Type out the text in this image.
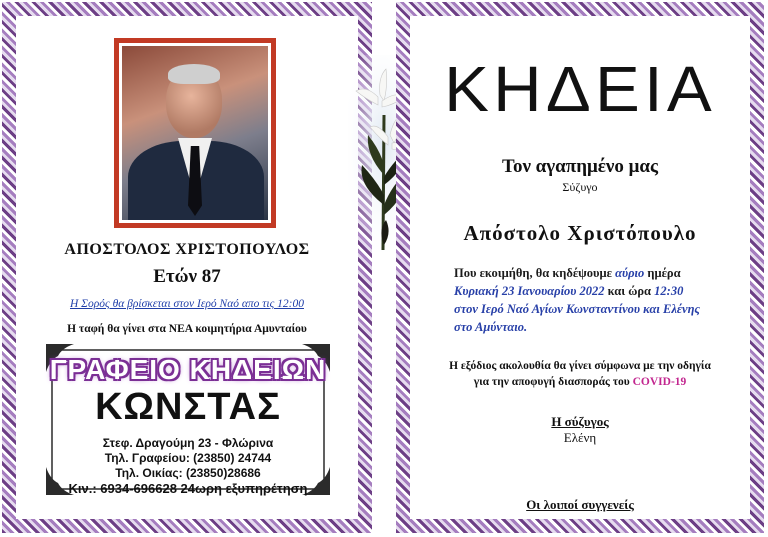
ΑΠΟΣΤΟΛΟΣ ΧΡΙΣΤΟΠΟΥΛΟΣ
Ετών 87
Η Σορός θα βρίσκεται στον Ιερό Ναό απο τις 12:00
Η ταφή θα γίνει στα ΝΕΑ κοιμητήρια Αμυνταίου
ΓΡΑΦΕΙΟ ΚΗΔΕΙΩΝ
ΚΩΝΣΤΑΣ
Στεφ. Δραγούμη 23 - Φλώρινα
Τηλ. Γραφείου: (23850) 24744
Τηλ. Οικίας: (23850)28686
Κιν.: 6934-696628 24ωρη εξυπηρέτηση
ΚΗΔΕΙΑ
Τον αγαπημένο μας
Σύζυγο
Απόστολο Χριστόπουλο
Που εκοιμήθη, θα κηδέψουμε αύριο ημέρα
Κυριακή 23 Ιανουαρίου 2022 και ώρα 12:30
στον Ιερό Ναό Αγίων Κωνσταντίνου και Ελένης
στο Αμύνταιο.
Η εξόδιος ακολουθία θα γίνει σύμφωνα με την οδηγία για την αποφυγή διασποράς του COVID-19
Η σύζυγος
Ελένη
Οι λοιποί συγγενείς
